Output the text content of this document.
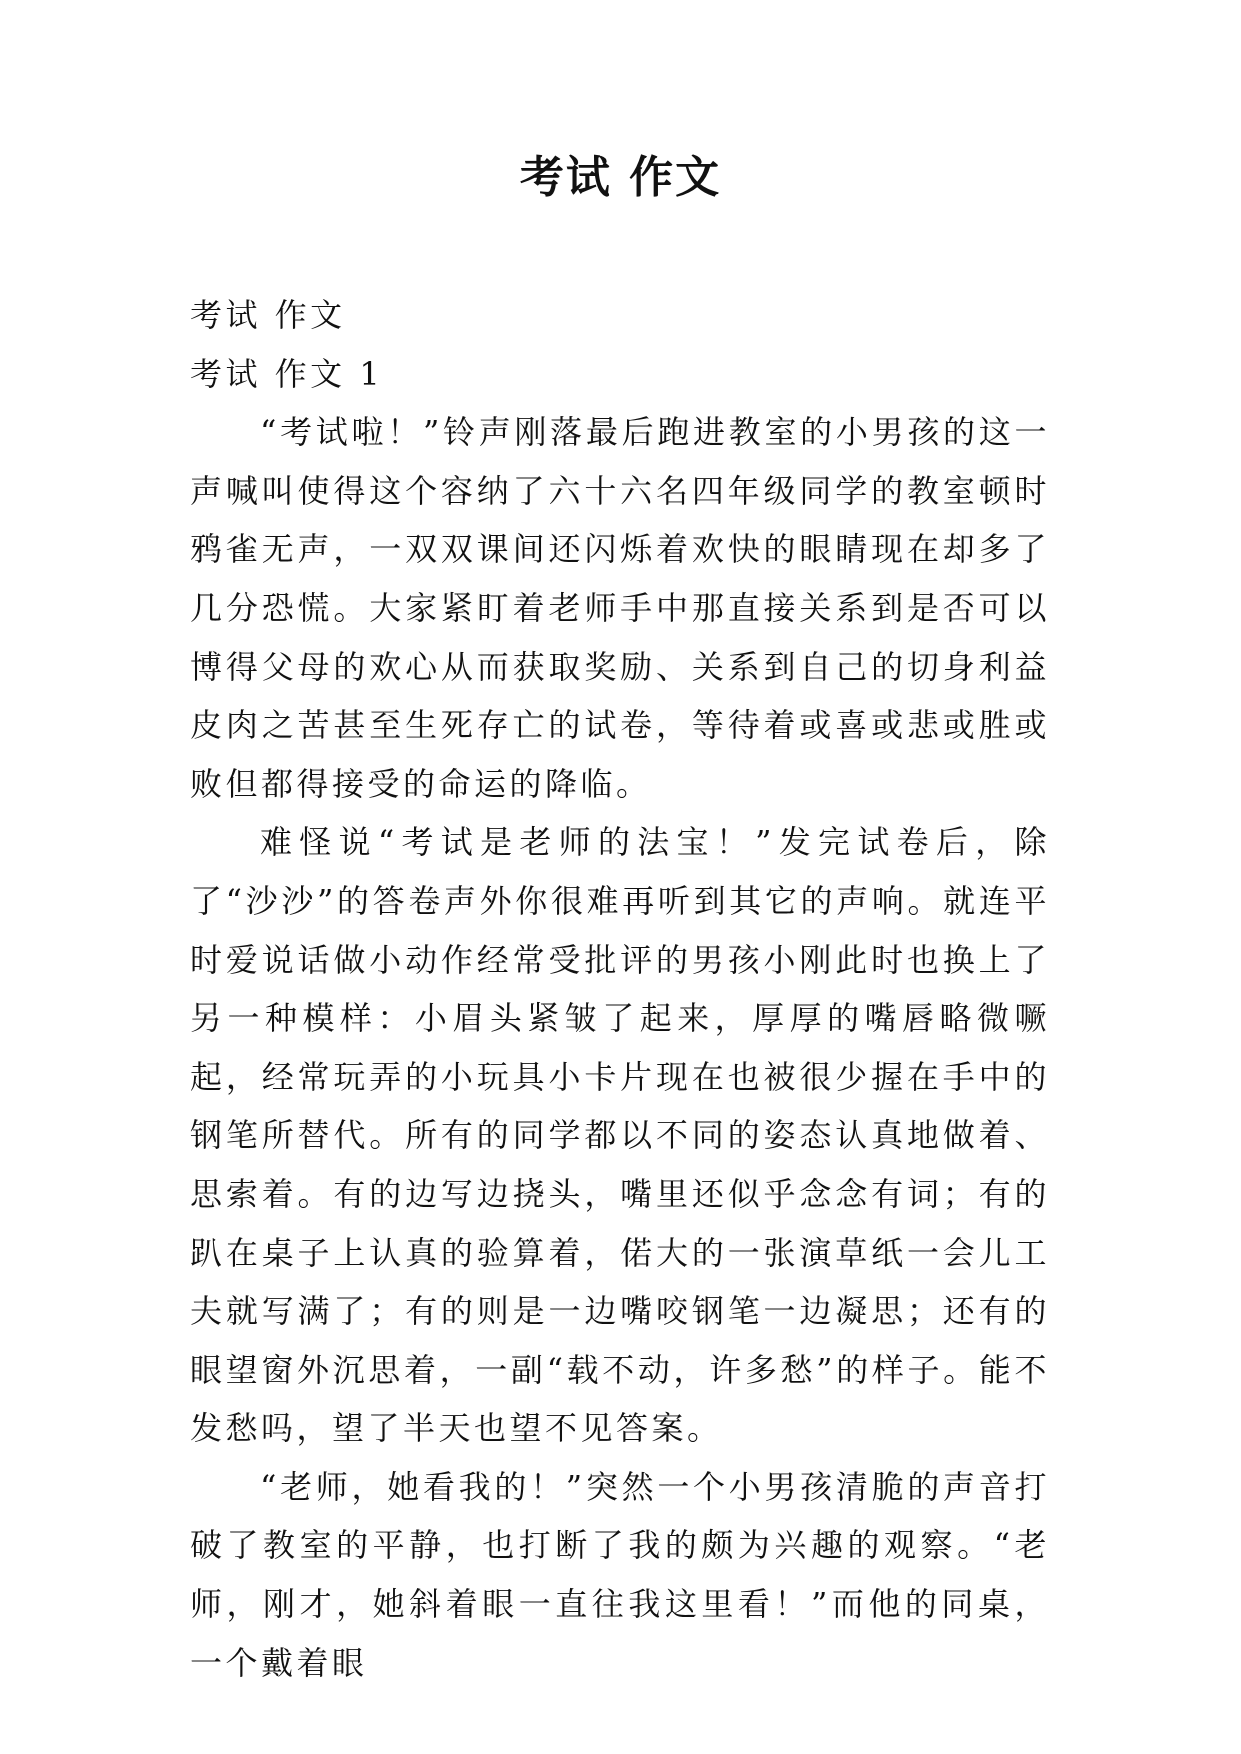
考试 作文

考试 作文

考试 作文 1

“考试啦！”铃声刚落最后跑进教室的小男孩的这一声喊叫使得这个容纳了六十六名四年级同学的教室顿时鸦雀无声，一双双课间还闪烁着欢快的眼睛现在却多了几分恐慌。大家紧盯着老师手中那直接关系到是否可以博得父母的欢心从而获取奖励、关系到自己的切身利益皮肉之苦甚至生死存亡的试卷，等待着或喜或悲或胜或败但都得接受的命运的降临。

难怪说“考试是老师的法宝！”发完试卷后，除了“沙沙”的答卷声外你很难再听到其它的声响。就连平时爱说话做小动作经常受批评的男孩小刚此时也换上了另一种模样：小眉头紧皱了起来，厚厚的嘴唇略微噘起，经常玩弄的小玩具小卡片现在也被很少握在手中的钢笔所替代。所有的同学都以不同的姿态认真地做着、思索着。有的边写边挠头，嘴里还似乎念念有词；有的趴在桌子上认真的验算着，偌大的一张演草纸一会儿工夫就写满了；有的则是一边嘴咬钢笔一边凝思；还有的眼望窗外沉思着，一副“载不动，许多愁”的样子。能不发愁吗，望了半天也望不见答案。

“老师，她看我的！”突然一个小男孩清脆的声音打破了教室的平静，也打断了我的颇为兴趣的观察。“老师，刚才，她斜着眼一直往我这里看！”而他的同桌，一个戴着眼
